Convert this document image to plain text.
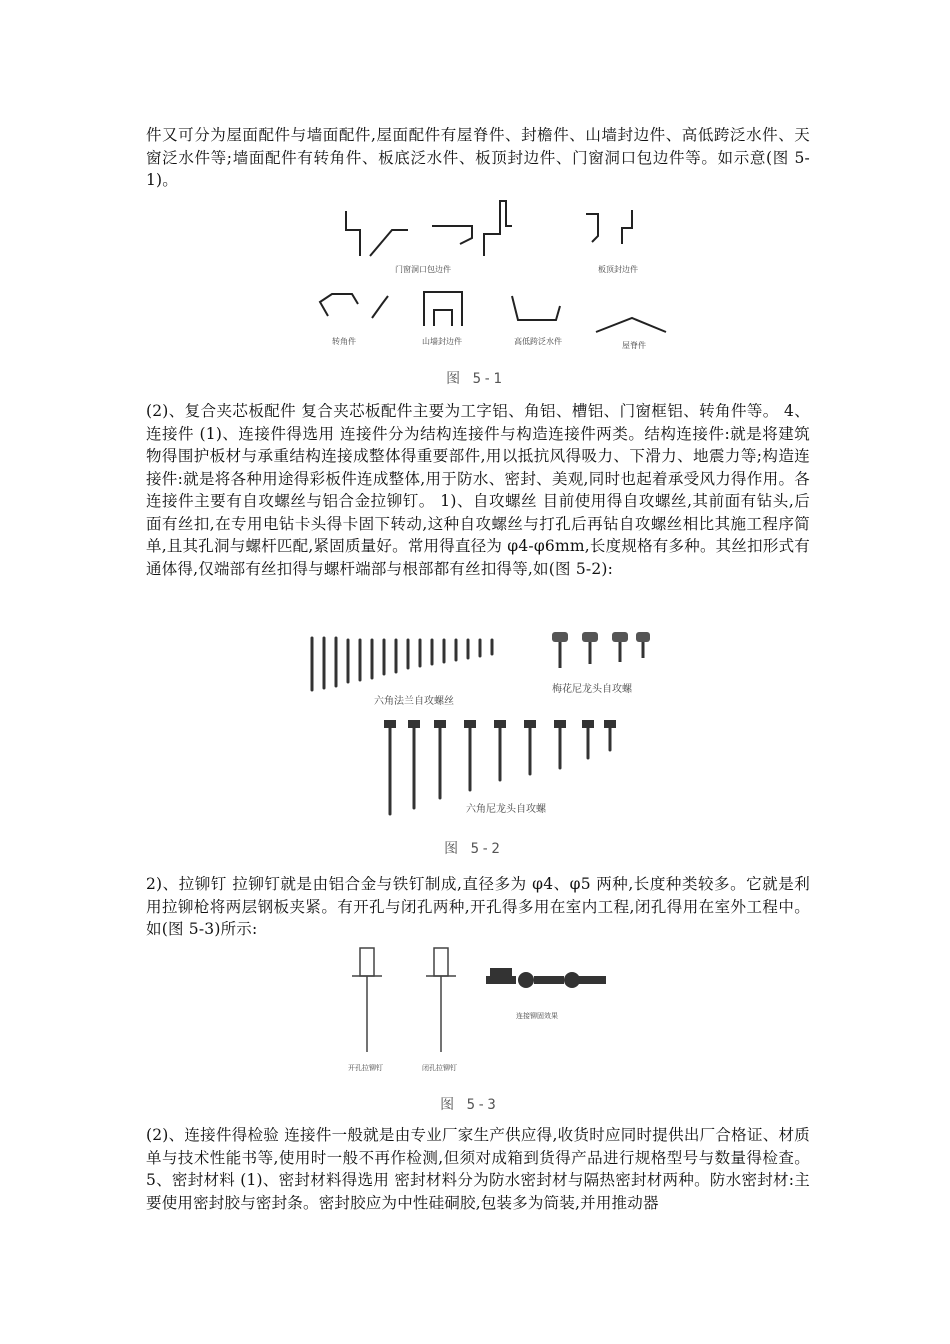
件又可分为屋面配件与墙面配件,屋面配件有屋脊件、封檐件、山墙封边件、高低跨泛水件、天窗泛水件等;墙面配件有转角件、板底泛水件、板顶封边件、门窗洞口包边件等。如示意(图 5-1)。

门窗洞口包边件	板顶封边件
转角件	山墙封边件	高低跨泛水件	屋脊件
图 5-1

(2)、复合夹芯板配件 复合夹芯板配件主要为工字铝、角铝、槽铝、门窗框铝、转角件等。 4、连接件 (1)、连接件得选用 连接件分为结构连接件与构造连接件两类。结构连接件:就是将建筑物得围护板材与承重结构连接成整体得重要部件,用以抵抗风得吸力、下滑力、地震力等;构造连接件:就是将各种用途得彩板件连成整体,用于防水、密封、美观,同时也起着承受风力得作用。各连接件主要有自攻螺丝与铝合金拉铆钉。 1)、自攻螺丝 目前使用得自攻螺丝,其前面有钻头,后面有丝扣,在专用电钻卡头得卡固下转动,这种自攻螺丝与打孔后再钻自攻螺丝相比其施工程序简单,且其孔洞与螺杆匹配,紧固质量好。常用得直径为 φ4-φ6mm,长度规格有多种。其丝扣形式有通体得,仅端部有丝扣得与螺杆端部与根部都有丝扣得等,如(图 5-2):

六角法兰自攻螺丝
梅花尼龙头自攻螺
六角尼龙头自攻螺
图 5-2

2)、拉铆钉 拉铆钉就是由铝合金与铁钉制成,直径多为 φ4、φ5 两种,长度种类较多。它就是利用拉铆枪将两层钢板夹紧。有开孔与闭孔两种,开孔得多用在室内工程,闭孔得用在室外工程中。如(图 5-3)所示:

开孔拉铆钉	闭孔拉铆钉
连接铆固效果
图 5-3

(2)、连接件得检验 连接件一般就是由专业厂家生产供应得,收货时应同时提供出厂合格证、材质单与技术性能书等,使用时一般不再作检测,但须对成箱到货得产品进行规格型号与数量得检查。 5、密封材料 (1)、密封材料得选用 密封材料分为防水密封材与隔热密封材两种。防水密封材:主要使用密封胶与密封条。密封胶应为中性硅硐胶,包装多为筒装,并用推动器
